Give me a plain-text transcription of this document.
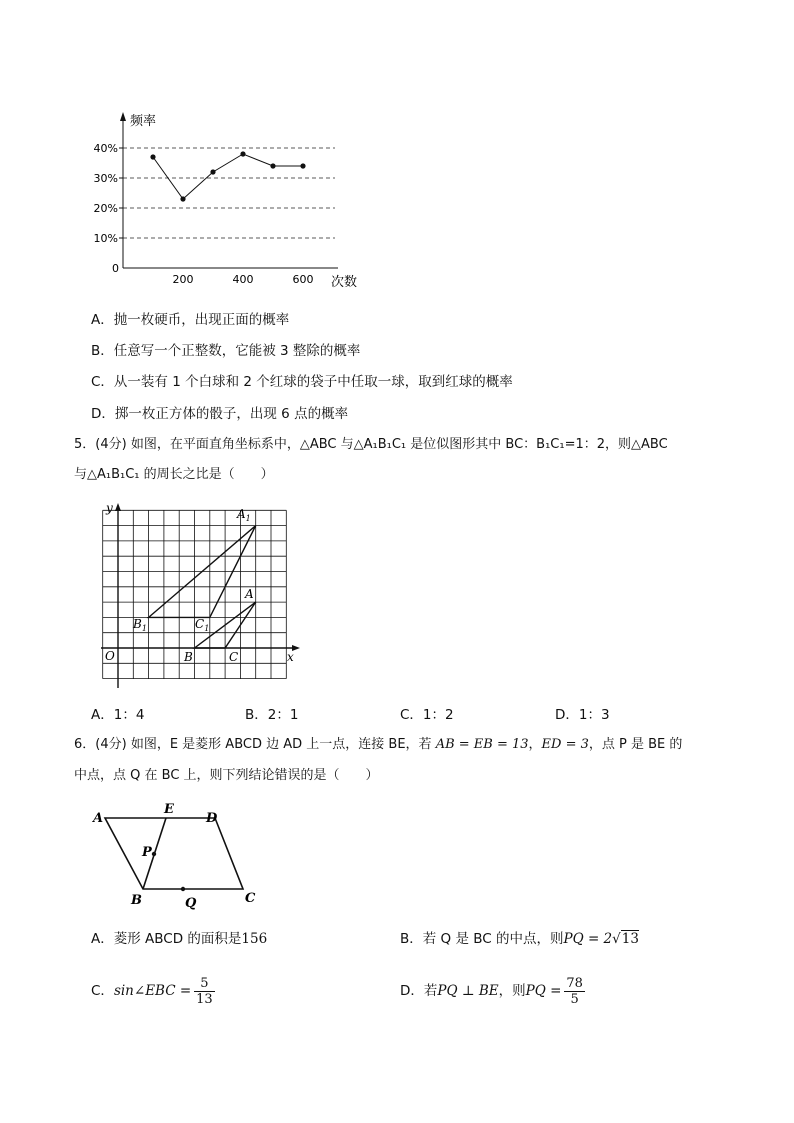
频率
次数
0
40%
30%
20%
10%
200	400	600
A．抛一枚硬币，出现正面的概率
B．任意写一个正整数，它能被 3 整除的概率
C．从一装有 1 个白球和 2 个红球的袋子中任取一球，取到红球的概率
D．掷一枚正方体的骰子，出现 6 点的概率
5．(4分) 如图，在平面直角坐标系中，△ABC 与△A₁B₁C₁ 是位似图形其中 BC：B₁C₁=1：2，则△ABC
与△A₁B₁C₁ 的周长之比是（　　）
y
x
O
$A_1$
A
$B_1$	$C_1$
B	C
A．1：4	B．2：1	C．1：2	D．1：3
6．(4分) 如图，E 是菱形 ABCD 边 AD 上一点，连接 BE，若 AB = EB = 13，ED = 3，点 P 是 BE 的
中点，点 Q 在 BC 上，则下列结论错误的是（　　）
A
E
D
P
B	Q	C
A．菱形 ABCD 的面积是156	B．若 Q 是 BC 的中点，则PQ = 2√13
C． sin∠EBC = $\frac{5}{13}$	D．若 PQ ⊥ BE ，则 PQ = $\frac{78}{5}$
